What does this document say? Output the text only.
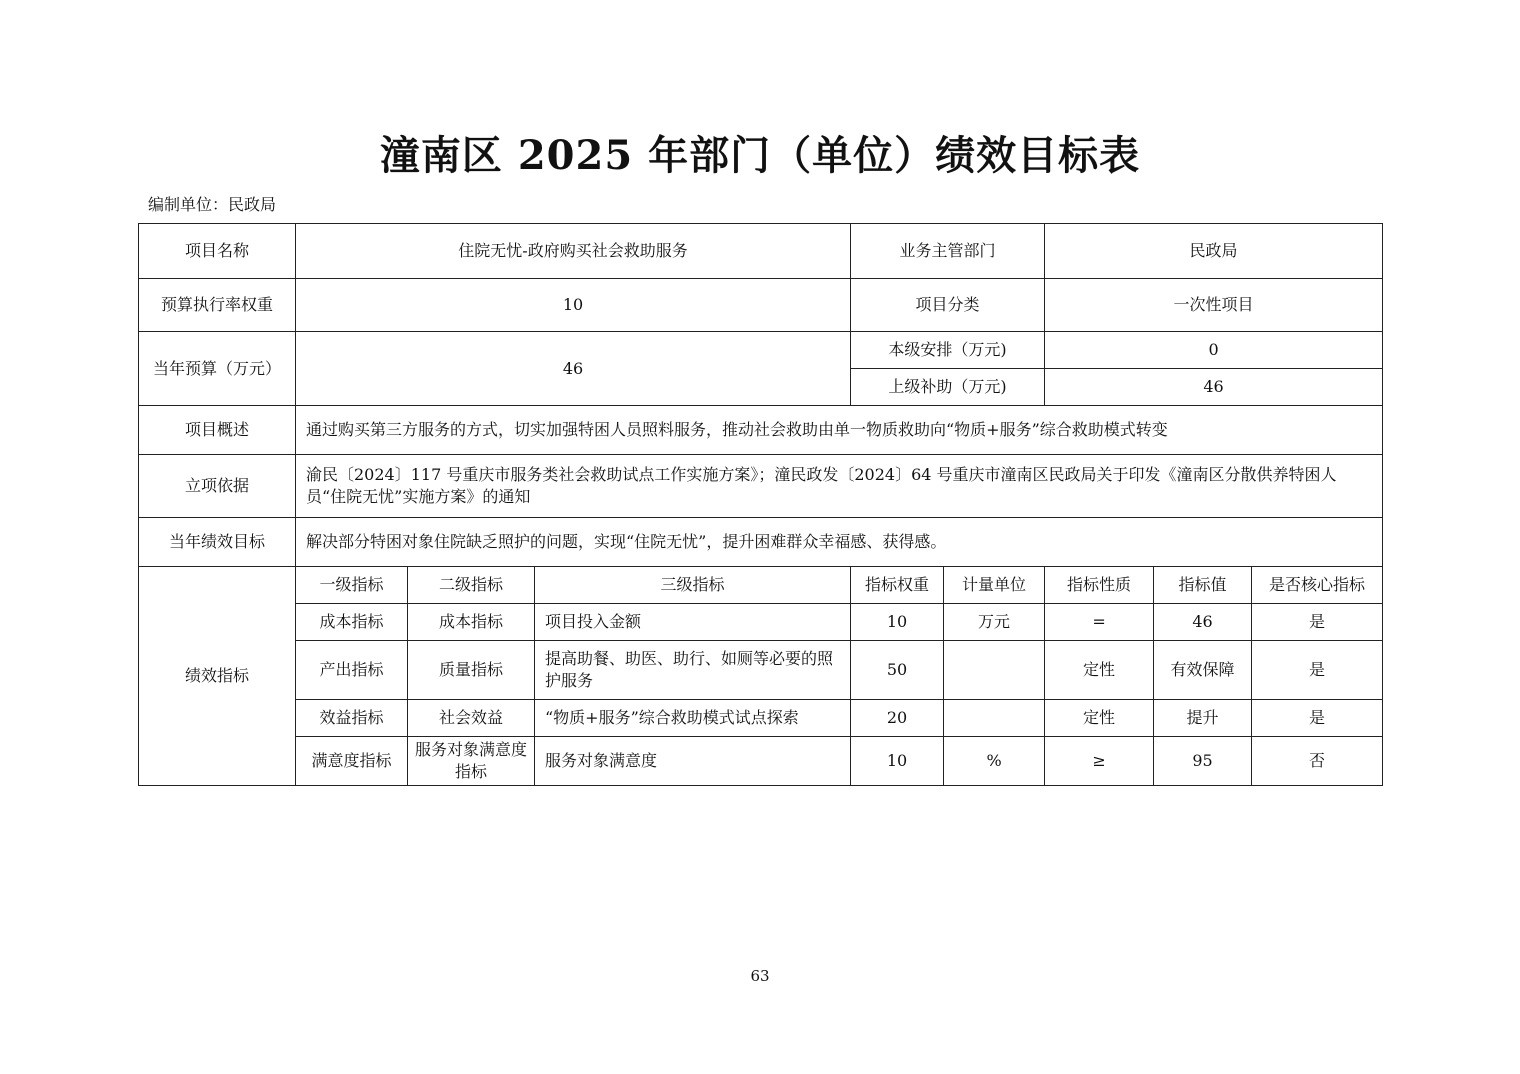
潼南区 2025 年部门（单位）绩效目标表
编制单位：民政局
项目名称	住院无忧-政府购买社会救助服务			业务主管部门		民政局		
预算执行率权重	10			项目分类		一次性项目		
当年预算（万元）	46			本级安排（万元)		0		
				上级补助（万元)		46		
项目概述	通过购买第三方服务的方式，切实加强特困人员照料服务，推动社会救助由单一物质救助向“物质+服务”综合救助模式转变							
立项依据	渝民〔2024〕117 号重庆市服务类社会救助试点工作实施方案》；潼民政发〔2024〕64 号重庆市潼南区民政局关于印发《潼南区分散供养特困人员“住院无忧”实施方案》的通知							
当年绩效目标	解决部分特困对象住院缺乏照护的问题，实现“住院无忧”，提升困难群众幸福感、获得感。							
绩效指标	一级指标	二级指标	三级指标	指标权重	计量单位	指标性质	指标值	是否核心指标
	成本指标	成本指标	项目投入金额	10	万元	=	46	是
	产出指标	质量指标	提高助餐、助医、助行、如厕等必要的照护服务	50		定性	有效保障	是
	效益指标	社会效益	“物质+服务”综合救助模式试点探索	20		定性	提升	是
	满意度指标	服务对象满意度指标	服务对象满意度	10	%	≥	95	否
63
